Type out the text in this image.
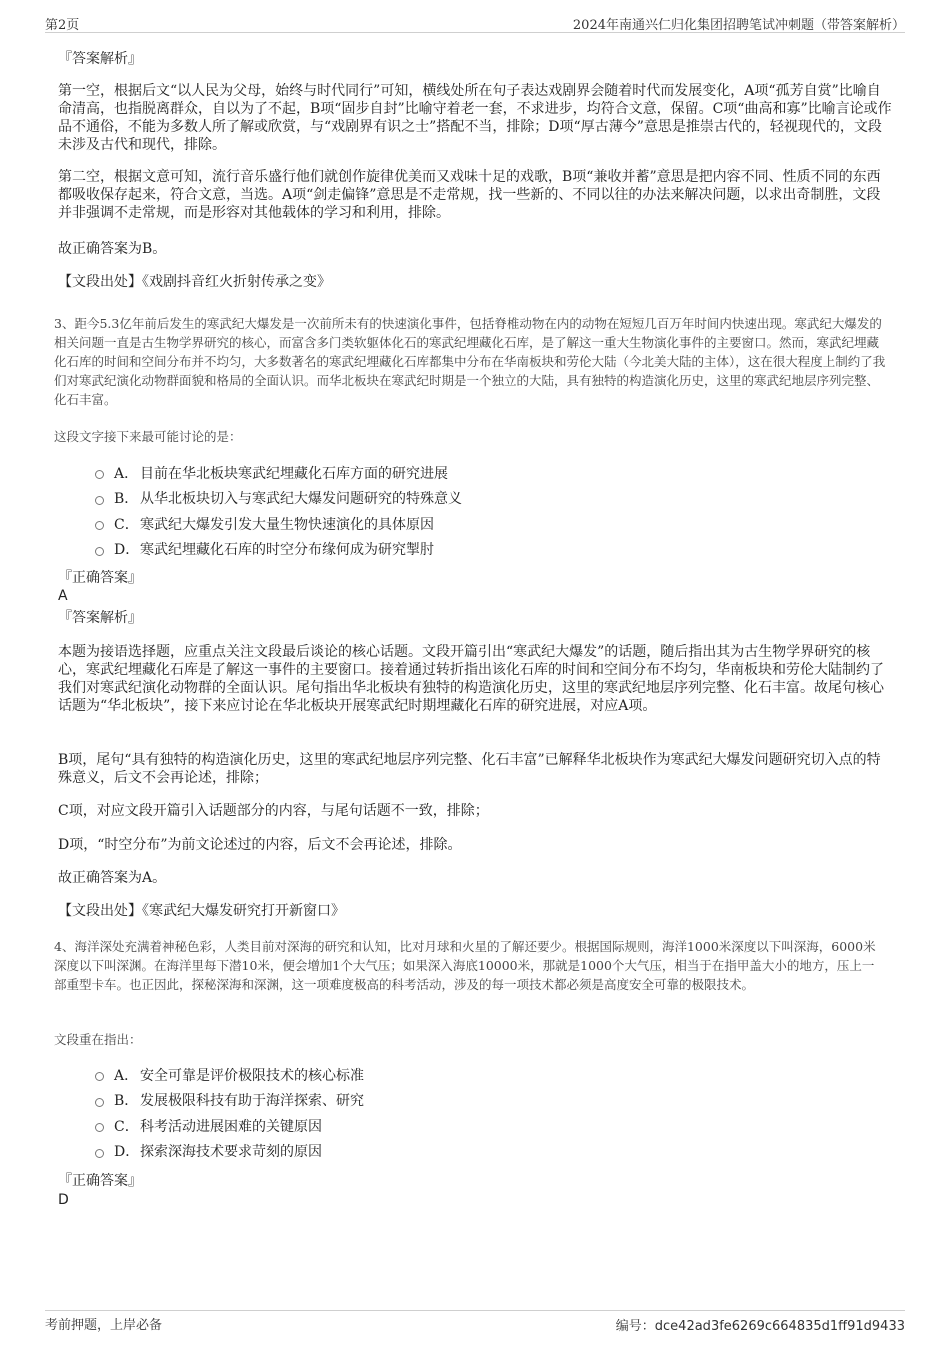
第2页	2024年南通兴仁归化集团招聘笔试冲刺题（带答案解析）
『答案解析』

第一空，根据后文“以人民为父母，始终与时代同行”可知，横线处所在句子表达戏剧界会随着时代而发展变化，A项“孤芳自赏”比喻自命清高，也指脱离群众，自以为了不起，B项“固步自封”比喻守着老一套，不求进步，均符合文意，保留。C项“曲高和寡”比喻言论或作品不通俗，不能为多数人所了解或欣赏，与“戏剧界有识之士”搭配不当，排除；D项“厚古薄今”意思是推崇古代的，轻视现代的，文段未涉及古代和现代，排除。

第二空，根据文意可知，流行音乐盛行他们就创作旋律优美而又戏味十足的戏歌，B项“兼收并蓄”意思是把内容不同、性质不同的东西都吸收保存起来，符合文意，当选。A项“剑走偏锋”意思是不走常规，找一些新的、不同以往的办法来解决问题，以求出奇制胜，文段并非强调不走常规，而是形容对其他载体的学习和利用，排除。

故正确答案为B。
【文段出处】《戏剧抖音红火折射传承之变》

3、距今5.3亿年前后发生的寒武纪大爆发是一次前所未有的快速演化事件，包括脊椎动物在内的动物在短短几百万年时间内快速出现。寒武纪大爆发的相关问题一直是古生物学界研究的核心，而富含多门类软躯体化石的寒武纪埋藏化石库，是了解这一重大生物演化事件的主要窗口。然而，寒武纪埋藏化石库的时间和空间分布并不均匀，大多数著名的寒武纪埋藏化石库都集中分布在华南板块和劳伦大陆（今北美大陆的主体），这在很大程度上制约了我们对寒武纪演化动物群面貌和格局的全面认识。而华北板块在寒武纪时期是一个独立的大陆，具有独特的构造演化历史，这里的寒武纪地层序列完整、化石丰富。

这段文字接下来最可能讨论的是：
A． 目前在华北板块寒武纪埋藏化石库方面的研究进展
B． 从华北板块切入与寒武纪大爆发问题研究的特殊意义
C． 寒武纪大爆发引发大量生物快速演化的具体原因
D． 寒武纪埋藏化石库的时空分布缘何成为研究掣肘
『正确答案』
A
『答案解析』

本题为接语选择题，应重点关注文段最后谈论的核心话题。文段开篇引出“寒武纪大爆发”的话题，随后指出其为古生物学界研究的核心，寒武纪埋藏化石库是了解这一事件的主要窗口。接着通过转折指出该化石库的时间和空间分布不均匀，华南板块和劳伦大陆制约了我们对寒武纪演化动物群的全面认识。尾句指出华北板块有独特的构造演化历史，这里的寒武纪地层序列完整、化石丰富。故尾句核心话题为“华北板块”，接下来应讨论在华北板块开展寒武纪时期埋藏化石库的研究进展，对应A项。

B项，尾句“具有独特的构造演化历史，这里的寒武纪地层序列完整、化石丰富”已解释华北板块作为寒武纪大爆发问题研究切入点的特殊意义，后文不会再论述，排除；

C项，对应文段开篇引入话题部分的内容，与尾句话题不一致，排除；

D项，“时空分布”为前文论述过的内容，后文不会再论述，排除。

故正确答案为A。
【文段出处】《寒武纪大爆发研究打开新窗口》

4、海洋深处充满着神秘色彩，人类目前对深海的研究和认知，比对月球和火星的了解还要少。根据国际规则，海洋1000米深度以下叫深海，6000米深度以下叫深渊。在海洋里每下潜10米，便会增加1个大气压；如果深入海底10000米，那就是1000个大气压，相当于在指甲盖大小的地方，压上一部重型卡车。也正因此，探秘深海和深渊，这一项难度极高的科考活动，涉及的每一项技术都必须是高度安全可靠的极限技术。

文段重在指出：
A． 安全可靠是评价极限技术的核心标准
B． 发展极限科技有助于海洋探索、研究
C． 科考活动进展困难的关键原因
D． 探索深海技术要求苛刻的原因
『正确答案』
D
考前押题，上岸必备	编号：dce42ad3fe6269c664835d1ff91d9433
